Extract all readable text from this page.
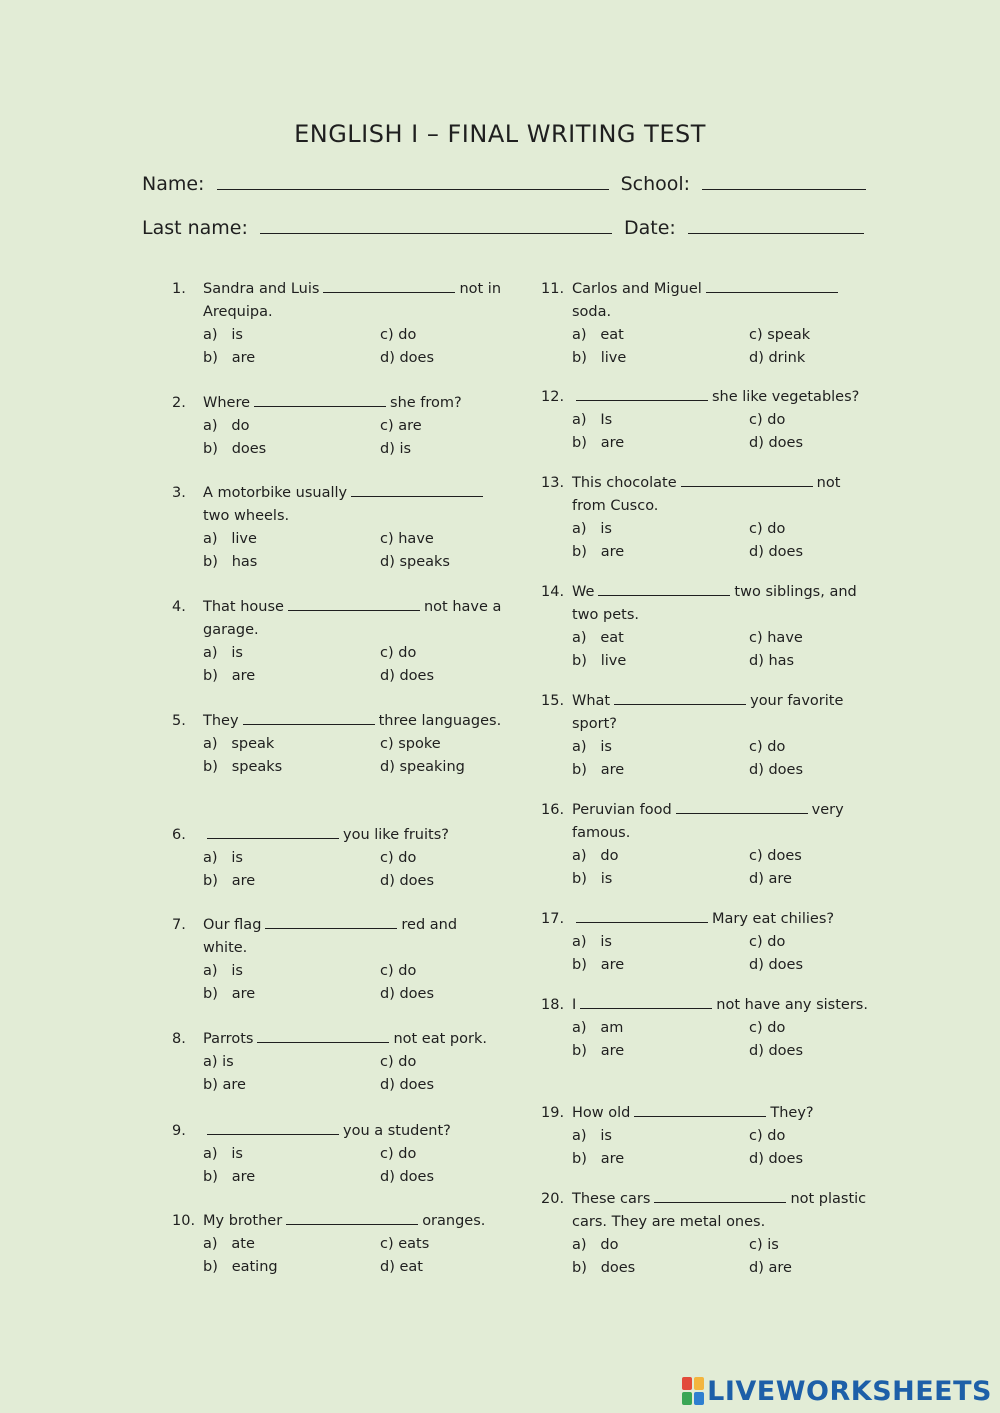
ENGLISH I – FINAL WRITING TEST
Name:	School:
Last name:	Date:
1. Sandra and Luis	not in Arequipa.
a)   is	c) do
b)   are	d) does
2. Where	she from?
a)   do	c) are
b)   does	d) is
3. A motorbike usuallytwo wheels.
a)   live	c) have
b)   has	d) speaks
4. That house	not have a garage.
a)   is	c) do
b)   are	d) does
5. They	three languages.
a)   speak	c) spoke
b)   speaks	d) speaking
6.	you like fruits?
a)   is	c) do
b)   are	d) does
7. Our flag	red and white.
a)   is	c) do
b)   are	d) does
8. Parrots	not eat pork.
a) is	c) do
b) are	d) does
9.	you a student?
a)   is	c) do
b)   are	d) does
10. My brother	oranges.
a)   ate	c) eats
b)   eating	d) eat
11. Carlos and Miguelsoda.
a)   eat	c) speak
b)   live	d) drink
12.	she like vegetables?
a)   Is	c) do
b)   are	d) does
13. This chocolate	not from Cusco.
a)   is	c) do
b)   are	d) does
14. We	two siblings, and two pets.
a)   eat	c) have
b)   live	d) has
15. What	your favorite sport?
a)   is	c) do
b)   are	d) does
16. Peruvian food	very famous.
a)   do	c) does
b)   is	d) are
17.	Mary eat chilies?
a)   is	c) do
b)   are	d) does
18. I	not have any sisters.
a)   am	c) do
b)   are	d) does
19. How old	They?
a)   is	c) do
b)   are	d) does
20. These cars	not plastic cars. They are metal ones.
a)   do	c) is
b)   does	d) are
LIVEWORKSHEETS
